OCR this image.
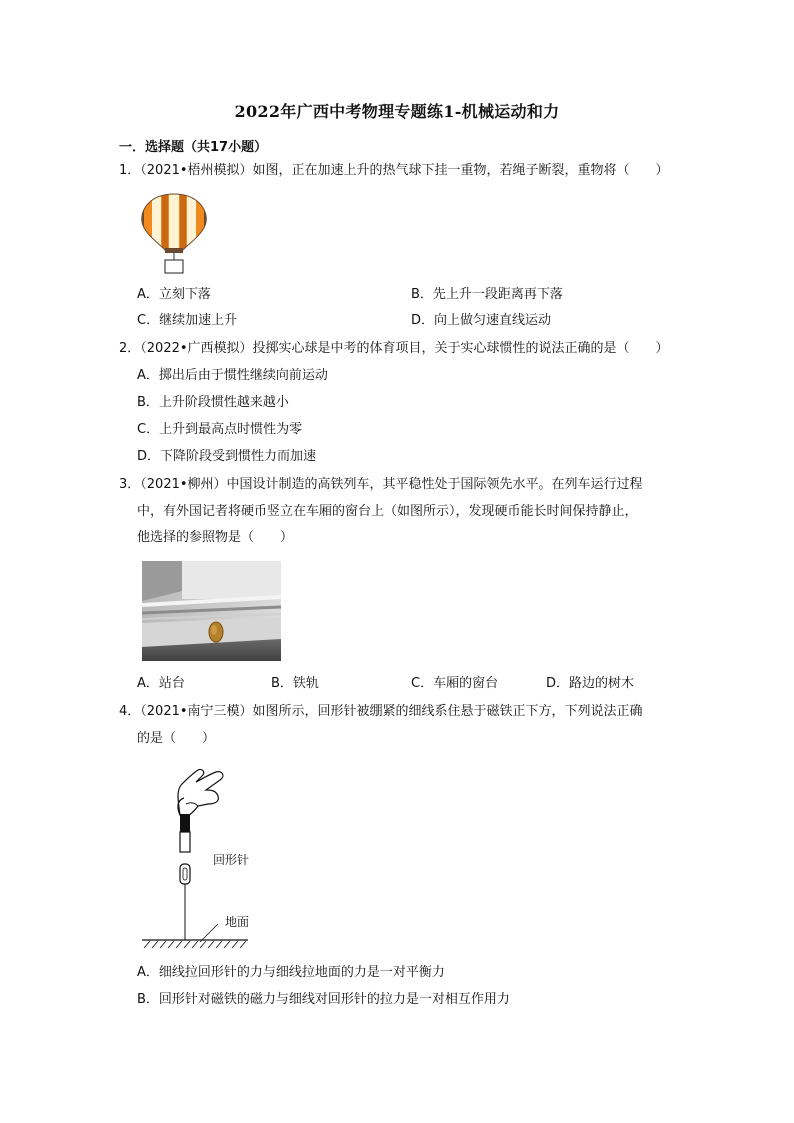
2022年广西中考物理专题练1-机械运动和力
一．选择题（共17小题）
1．（2021•梧州模拟）如图，正在加速上升的热气球下挂一重物，若绳子断裂，重物将（　　）
A．立刻下落	B．先上升一段距离再下落
C．继续加速上升	D．向上做匀速直线运动
2．（2022•广西模拟）投掷实心球是中考的体育项目，关于实心球惯性的说法正确的是（　　）
A．掷出后由于惯性继续向前运动
B．上升阶段惯性越来越小
C．上升到最高点时惯性为零
D．下降阶段受到惯性力而加速
3．（2021•柳州）中国设计制造的高铁列车，其平稳性处于国际领先水平。在列车运行过程
中，有外国记者将硬币竖立在车厢的窗台上（如图所示），发现硬币能长时间保持静止，
他选择的参照物是（　　）
A．站台	B．铁轨	C．车厢的窗台	D．路边的树木
4．（2021•南宁三模）如图所示，回形针被绷紧的细线系住悬于磁铁正下方，下列说法正确
的是（　　）
回形针
地面
A．细线拉回形针的力与细线拉地面的力是一对平衡力
B．回形针对磁铁的磁力与细线对回形针的拉力是一对相互作用力
